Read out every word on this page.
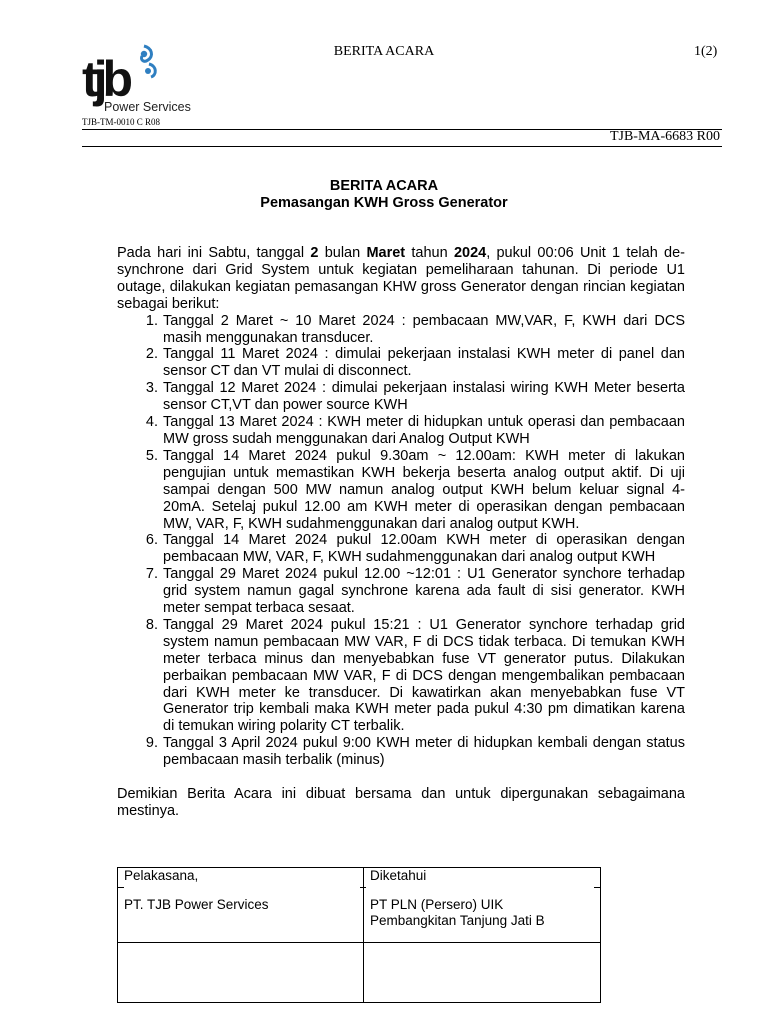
tjb
Power Services
TJB-TM-0010 C R08
BERITA ACARA	1(2)
TJB-MA-6683 R00
BERITA ACARA
Pemasangan KWH Gross Generator

Pada hari ini Sabtu, tanggal 2 bulan Maret tahun 2024, pukul 00:06 Unit 1 telah de-synchrone dari Grid System untuk kegiatan pemeliharaan tahunan. Di periode U1 outage, dilakukan kegiatan pemasangan KHW gross Generator dengan rincian kegiatan sebagai berikut:

1. Tanggal 2 Maret ~ 10 Maret 2024 : pembacaan MW,VAR, F, KWH dari DCS masih menggunakan transducer.
2. Tanggal 11 Maret 2024 : dimulai pekerjaan instalasi KWH meter di panel dan sensor CT dan VT mulai di disconnect.
3. Tanggal 12 Maret 2024 : dimulai pekerjaan instalasi wiring KWH Meter beserta sensor CT,VT dan power source KWH
4. Tanggal 13 Maret 2024 : KWH meter di hidupkan untuk operasi dan pembacaan MW gross sudah menggunakan dari Analog Output KWH
5. Tanggal 14 Maret 2024 pukul 9.30am ~ 12.00am: KWH meter di lakukan pengujian untuk memastikan KWH bekerja beserta analog output aktif. Di uji sampai dengan 500 MW namun analog output KWH belum keluar signal 4-20mA. Setelaj pukul 12.00 am KWH meter di operasikan dengan pembacaan MW, VAR, F, KWH sudahmenggunakan dari analog output KWH.
6. Tanggal 14 Maret 2024 pukul 12.00am KWH meter di operasikan dengan pembacaan MW, VAR, F, KWH sudahmenggunakan dari analog output KWH
7. Tanggal 29 Maret 2024 pukul 12.00 ~12:01 : U1 Generator synchore terhadap grid system namun gagal synchrone karena ada fault di sisi generator. KWH meter sempat terbaca sesaat.
8. Tanggal 29 Maret 2024 pukul 15:21 : U1 Generator synchore terhadap grid system namun pembacaan MW VAR, F di DCS tidak terbaca. Di temukan KWH meter terbaca minus dan menyebabkan fuse VT generator putus. Dilakukan perbaikan pembacaan MW VAR, F di DCS dengan mengembalikan pembacaan dari KWH meter ke transducer. Di kawatirkan akan menyebabkan fuse VT Generator trip kembali maka KWH meter pada pukul 4:30 pm dimatikan karena di temukan wiring polarity CT terbalik.
9. Tanggal 3 April 2024 pukul 9:00 KWH meter di hidupkan kembali dengan status pembacaan masih terbalik (minus)

Demikian Berita Acara ini dibuat bersama dan untuk dipergunakan sebagaimana mestinya.

Pelakasana,
PT. TJB Power Services
Diketahui
PT PLN (Persero) UIK
Pembangkitan Tanjung Jati B
